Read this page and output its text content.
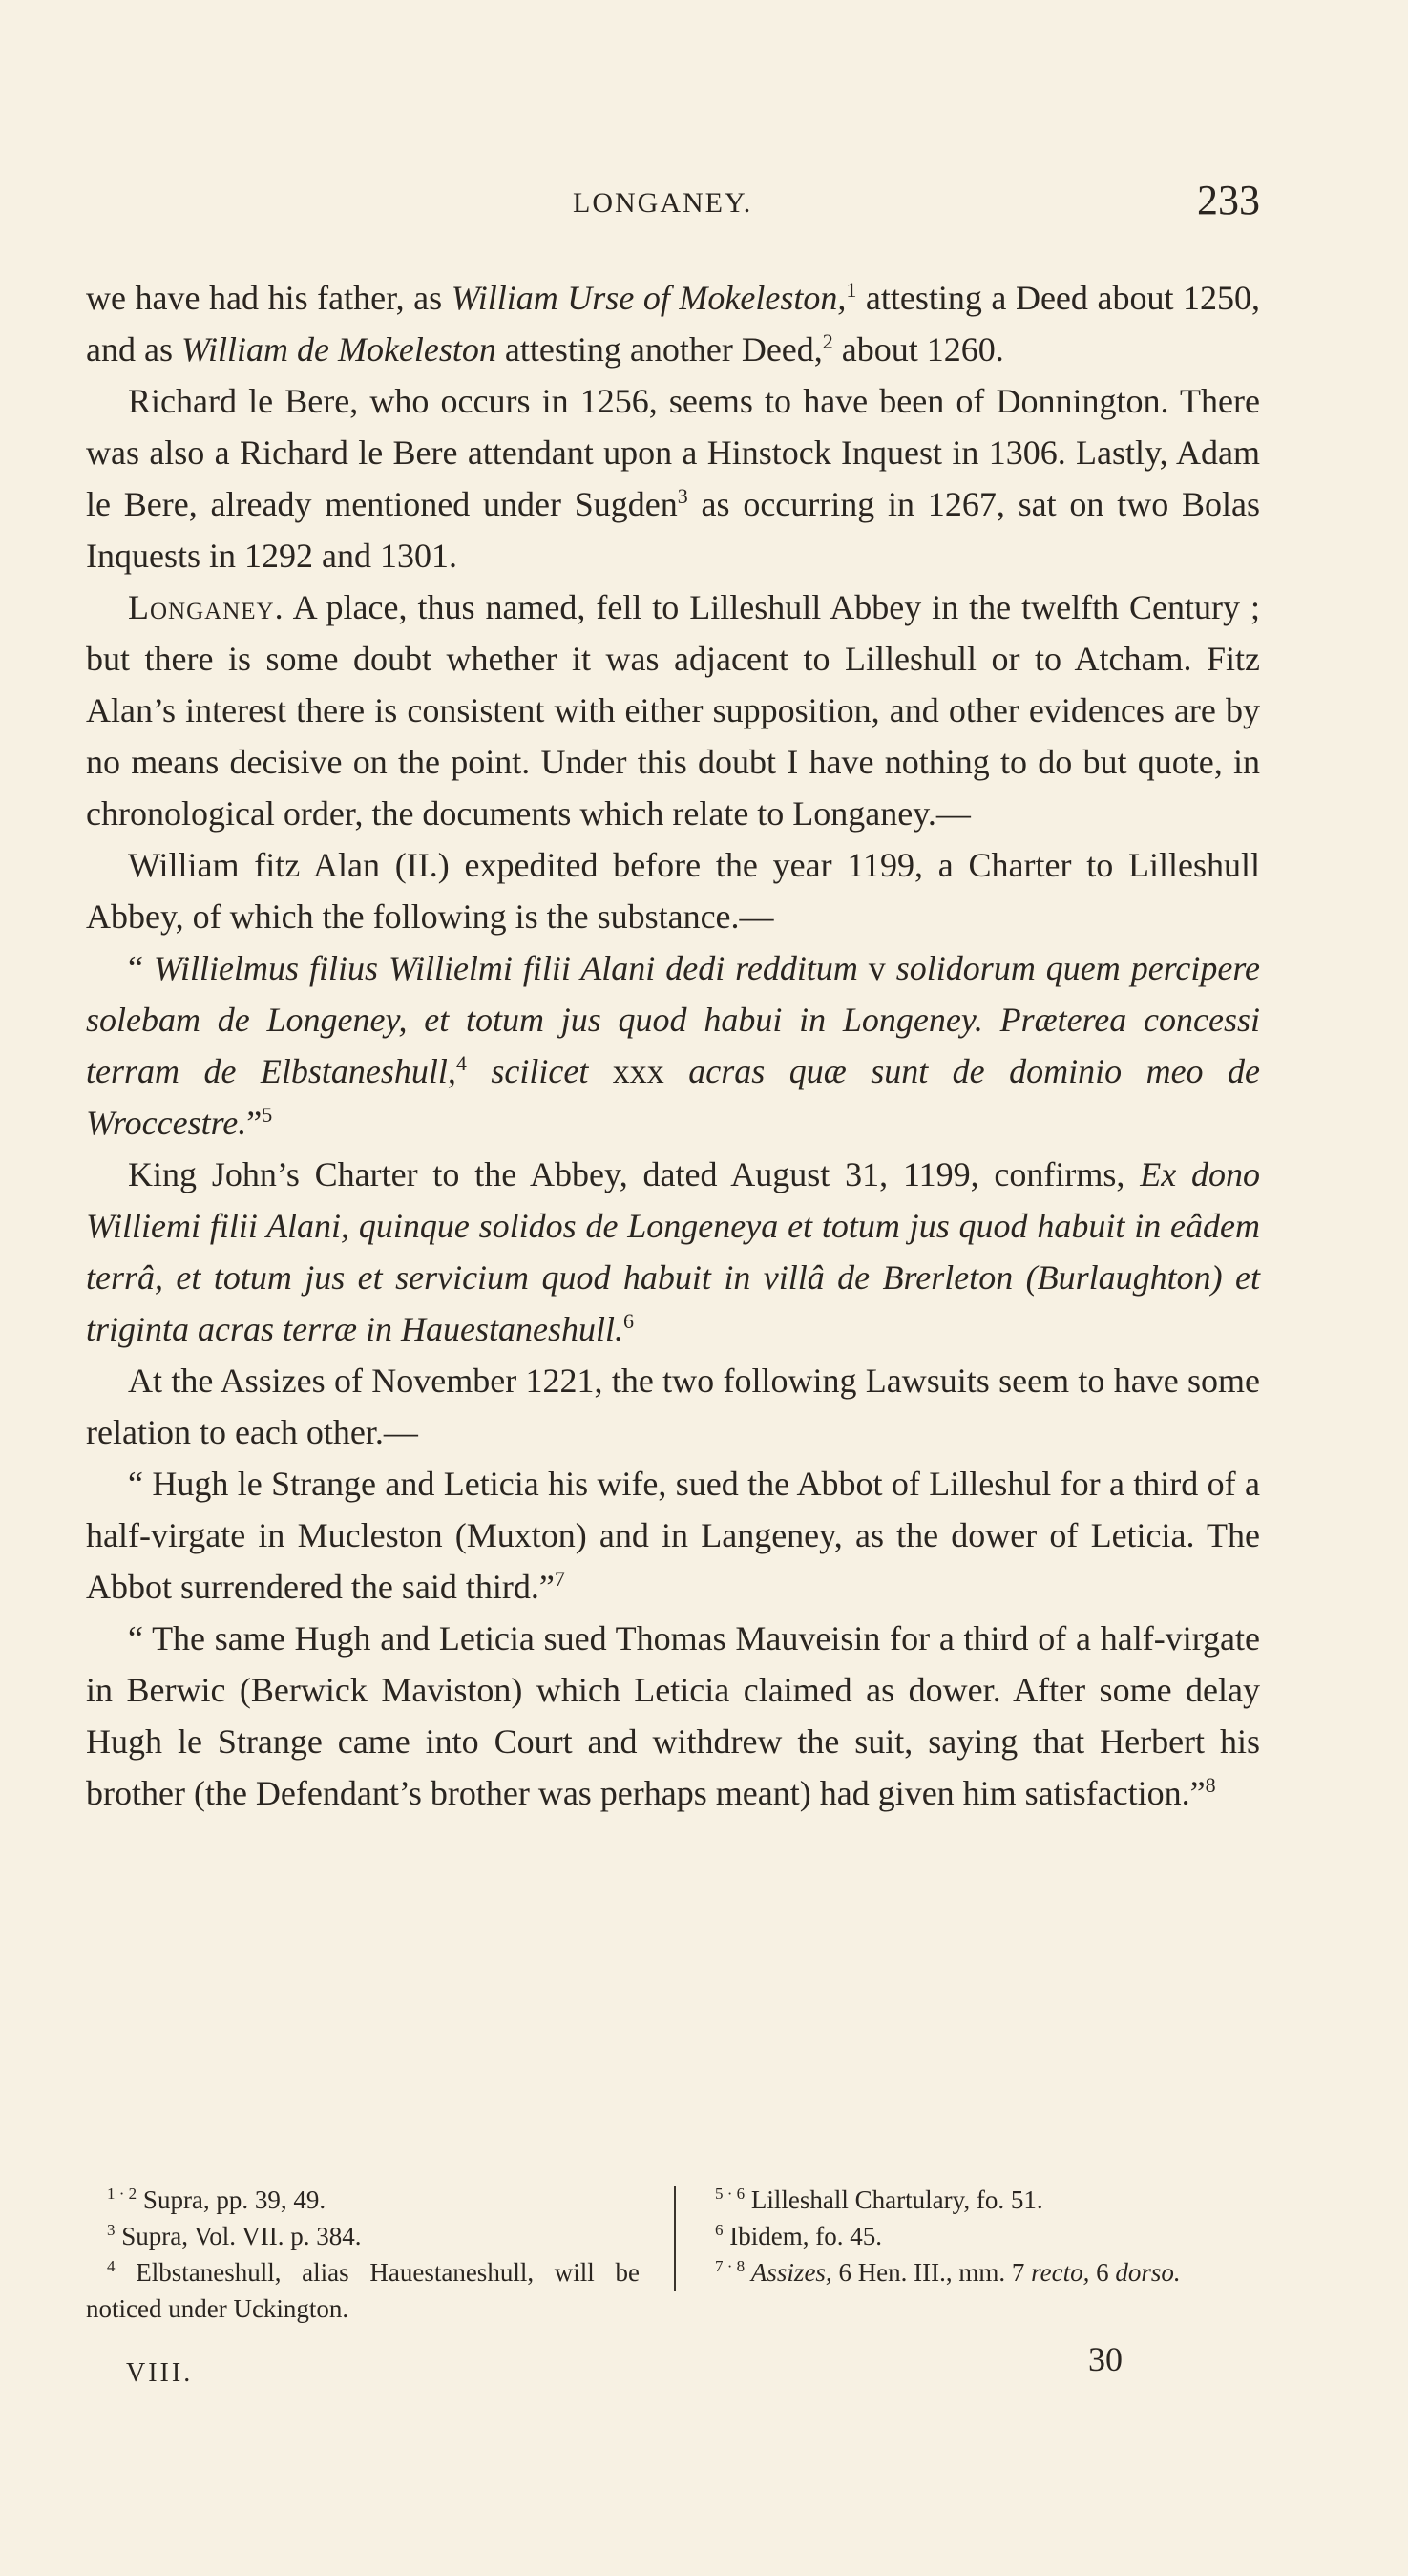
LONGANEY.	233

we have had his father, as William Urse of Mokeleston,$^1$ attesting a Deed about 1250, and as William de Mokeleston attesting another Deed,$^2$ about 1260.

Richard le Bere, who occurs in 1256, seems to have been of Donnington. There was also a Richard le Bere attendant upon a Hinstock Inquest in 1306. Lastly, Adam le Bere, already mentioned under Sugden$^3$ as occurring in 1267, sat on two Bolas Inquests in 1292 and 1301.

Longaney. A place, thus named, fell to Lilleshull Abbey in the twelfth Century ; but there is some doubt whether it was adjacent to Lilleshull or to Atcham. Fitz Alan’s interest there is consistent with either supposition, and other evidences are by no means decisive on the point. Under this doubt I have nothing to do but quote, in chronological order, the documents which relate to Longaney.—

William fitz Alan (II.) expedited before the year 1199, a Charter to Lilleshull Abbey, of which the following is the substance.—

“ Willielmus filius Willielmi filii Alani dedi redditum v solidorum quem percipere solebam de Longeney, et totum jus quod habui in Longeney. Præterea concessi terram de Elbstaneshull,$^4$ scilicet xxx acras quæ sunt de dominio meo de Wroccestre.”$^5$

King John’s Charter to the Abbey, dated August 31, 1199, confirms, Ex dono Williemi filii Alani, quinque solidos de Longeneya et totum jus quod habuit in eâdem terrâ, et totum jus et servicium quod habuit in villâ de Brerleton (Burlaughton) et triginta acras terræ in Hauestaneshull.$^6$

At the Assizes of November 1221, the two following Lawsuits seem to have some relation to each other.—

“ Hugh le Strange and Leticia his wife, sued the Abbot of Lilleshul for a third of a half-virgate in Mucleston (Muxton) and in Langeney, as the dower of Leticia. The Abbot surrendered the said third.”$^7$

“ The same Hugh and Leticia sued Thomas Mauveisin for a third of a half-virgate in Berwic (Berwick Maviston) which Leticia claimed as dower. After some delay Hugh le Strange came into Court and withdrew the suit, saying that Herbert his brother (the Defendant’s brother was perhaps meant) had given him satisfaction.”$^8$

$^{1 \cdot 2}$ Supra, pp. 39, 49.

$^3$ Supra, Vol. VII. p. 384.

$^4$ Elbstaneshull, alias Hauestaneshull, will be noticed under Uckington.

$^{5 \cdot 6}$ Lilleshall Chartulary, fo. 51.

$^6$ Ibidem, fo. 45.

$^{7 \cdot 8}$ Assizes, 6 Hen. III., mm. 7 recto, 6 dorso.

VIII.	30
